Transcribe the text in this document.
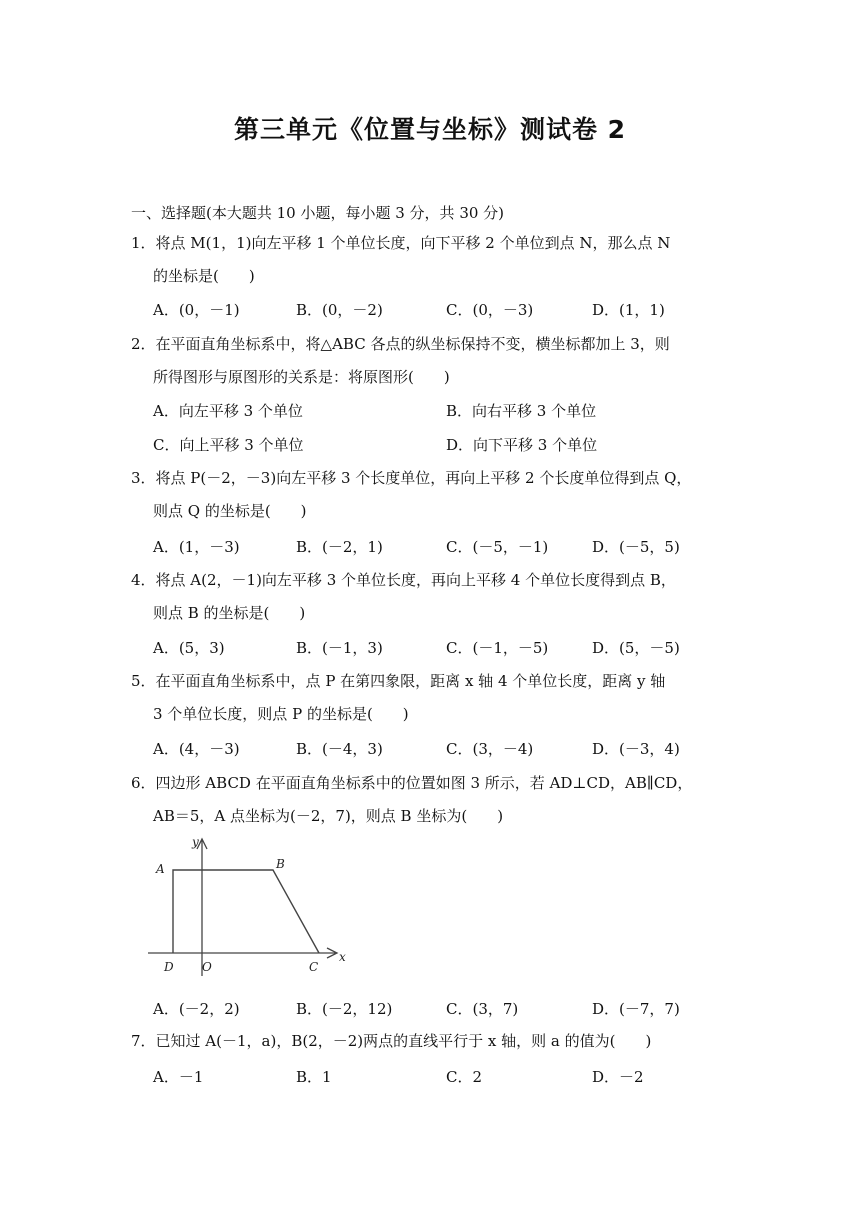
第三单元《位置与坐标》测试卷 2
一、选择题(本大题共 10 小题，每小题 3 分，共 30 分)
1．将点 M(1，1)向左平移 1 个单位长度，向下平移 2 个单位到点 N，那么点 N
的坐标是(　　)
A．(0，－1)	B．(0，－2)	C．(0，－3)	D．(1，1)
2．在平面直角坐标系中，将△ABC 各点的纵坐标保持不变，横坐标都加上 3，则
所得图形与原图形的关系是：将原图形(　　)
A．向左平移 3 个单位	B．向右平移 3 个单位
C．向上平移 3 个单位	D．向下平移 3 个单位
3．将点 P(－2，－3)向左平移 3 个长度单位，再向上平移 2 个长度单位得到点 Q，
则点 Q 的坐标是(　　)
A．(1，－3)	B．(－2，1)	C．(－5，－1)	D．(－5，5)
4．将点 A(2，－1)向左平移 3 个单位长度，再向上平移 4 个单位长度得到点 B，
则点 B 的坐标是(　　)
A．(5，3)	B．(－1，3)	C．(－1，－5)	D．(5，－5)
5．在平面直角坐标系中，点 P 在第四象限，距离 x 轴 4 个单位长度，距离 y 轴
3 个单位长度，则点 P 的坐标是(　　)
A．(4，－3)	B．(－4，3)	C．(3，－4)	D．(－3，4)
6．四边形 ABCD 在平面直角坐标系中的位置如图 3 所示，若 AD⊥CD，AB∥CD，
AB＝5，A 点坐标为(－2，7)，则点 B 坐标为(　　)
y
A	B
D O	C
x
A．(－2，2)	B．(－2，12)	C．(3，7)	D．(－7，7)
7．已知过 A(－1，a)，B(2，－2)两点的直线平行于 x 轴，则 a 的值为(　　)
A．－1	B．1	C．2	D．－2
